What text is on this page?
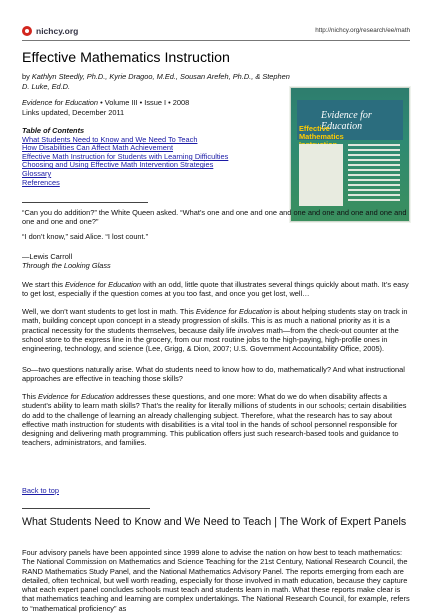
nichcy.org	http://nichcy.org/research/ee/math
Effective Mathematics Instruction
by Kathlyn Steedly, Ph.D., Kyrie Dragoo, M.Ed., Sousan Arefeh, Ph.D., & Stephen D. Luke, Ed.D.
Evidence for Education • Volume III • Issue I • 2008
Links updated, December 2011
Table of Contents
What Students Need to Know and We Need To Teach
How Disabilities Can Affect Math Achievement
Effective Math Instruction for Students with Learning Difficulties
Choosing and Using Effective Math Intervention Strategies
Glossary
References
Evidence for Education
Effective Mathematics

“Can you do addition?” the White Queen asked. “What’s one and one and one and one and one and one and one and one and one and one?”

“I don’t know,” said Alice. “I lost count.”

—Lewis Carroll
Through the Looking Glass

We start this Evidence for Education with an odd, little quote that illustrates several things quickly about math. It’s easy to get lost, especially if the question comes at you too fast, and once you get lost, well…

Well, we don’t want students to get lost in math. This Evidence for Education is about helping students stay on track in math, building concept upon concept in a steady progression of skills. This is as much a national priority as it is a practical necessity for the students themselves, because daily life involves math—from the check-out counter at the school store to the express line in the grocery, from our most routine jobs to the high-paying, high-profile ones in engineering, technology, and science (Lee, Grigg, & Dion, 2007; U.S. Government Accountability Office, 2005).

So—two questions naturally arise. What do students need to know how to do, mathematically? And what instructional approaches are effective in teaching those skills?

This Evidence for Education addresses these questions, and one more: What do we do when disability affects a student’s ability to learn math skills? That’s the reality for literally millions of students in our schools; certain disabilities do add to the challenge of learning an already challenging subject. Therefore, what the research has to say about effective math instruction for students with disabilities is a vital tool in the hands of school personnel responsible for designing and delivering math programming. This publication offers just such research-based tools and guidance to teachers, administrators, and families.

Back to top
What Students Need to Know and We Need to Teach | The Work of Expert Panels

Four advisory panels have been appointed since 1999 alone to advise the nation on how best to teach mathematics: The National Commission on Mathematics and Science Teaching for the 21st Century, National Research Council, the RAND Mathematics Study Panel, and the National Mathematics Advisory Panel. The reports emerging from each are detailed, often technical, but well worth reading, especially for those involved in math education, because they capture what each expert panel concludes schools must teach and students learn in math. What these reports make clear is that mathematics teaching and learning are complex undertakings. The National Research Council, for example, refers to “mathematical proficiency” as
